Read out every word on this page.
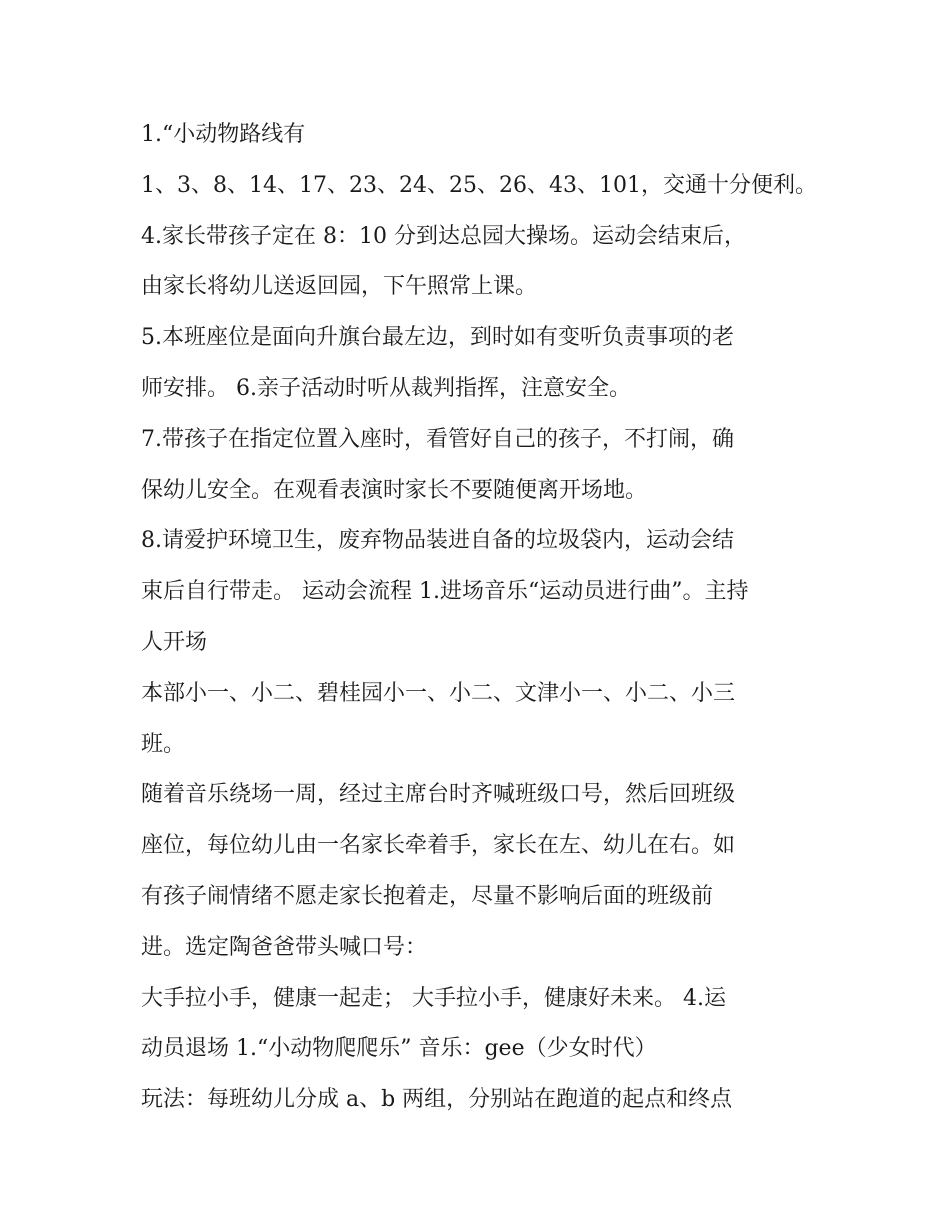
1.“小动物路线有
1、3、8、14、17、23、24、25、26、43、101，交通十分便利。
4.家长带孩子定在 8：10 分到达总园大操场。运动会结束后，
由家长将幼儿送返回园，下午照常上课。
5.本班座位是面向升旗台最左边，到时如有变听负责事项的老
师安排。 6.亲子活动时听从裁判指挥，注意安全。
7.带孩子在指定位置入座时，看管好自己的孩子，不打闹，确
保幼儿安全。在观看表演时家长不要随便离开场地。
8.请爱护环境卫生，废弃物品装进自备的垃圾袋内，运动会结
束后自行带走。 运动会流程 1.进场音乐“运动员进行曲”。主持
人开场
本部小一、小二、碧桂园小一、小二、文津小一、小二、小三
班。
随着音乐绕场一周，经过主席台时齐喊班级口号，然后回班级
座位，每位幼儿由一名家长牵着手，家长在左、幼儿在右。如
有孩子闹情绪不愿走家长抱着走，尽量不影响后面的班级前
进。选定陶爸爸带头喊口号：
大手拉小手，健康一起走； 大手拉小手，健康好未来。 4.运
动员退场 1.“小动物爬爬乐” 音乐：gee（少女时代）
玩法：每班幼儿分成 a、b 两组，分别站在跑道的起点和终点
